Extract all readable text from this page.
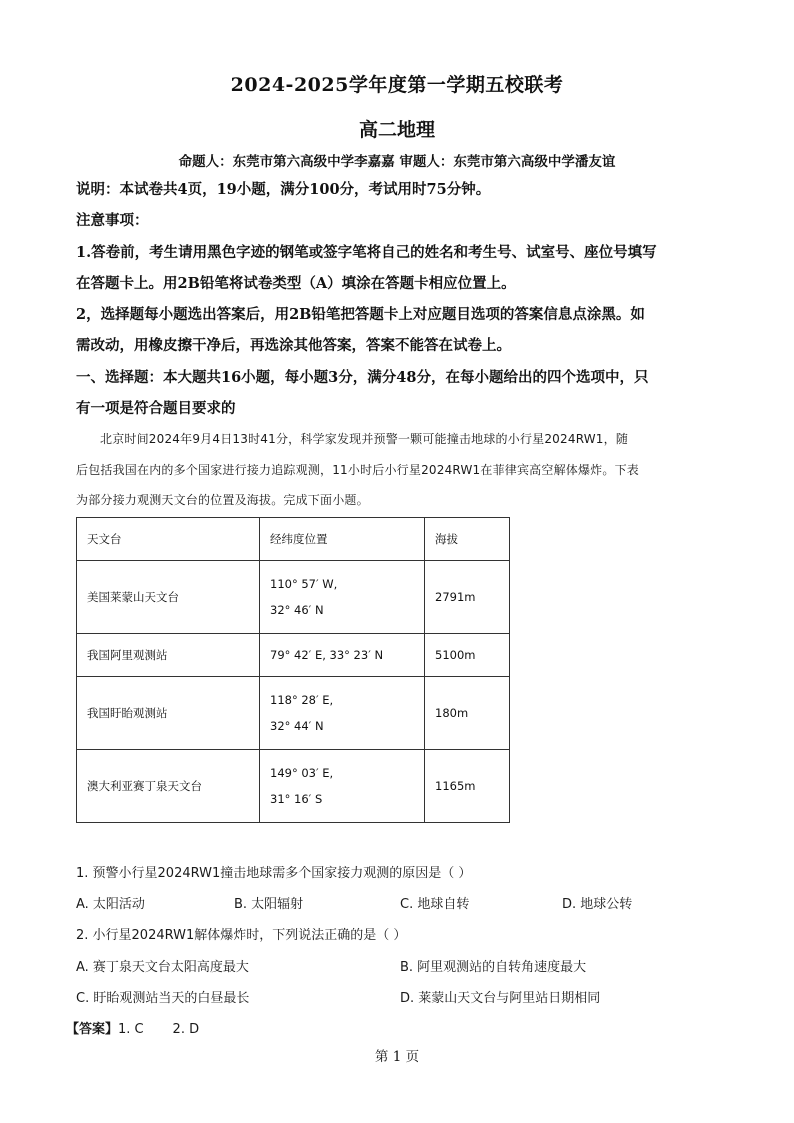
2024-2025学年度第一学期五校联考
高二地理
命题人：东莞市第六高级中学李嘉嘉 审题人：东莞市第六高级中学潘友谊
说明：本试卷共4页，19小题，满分100分，考试用时75分钟。
注意事项：
1.答卷前，考生请用黑色字迹的钢笔或签字笔将自己的姓名和考生号、试室号、座位号填写
在答题卡上。用2B铅笔将试卷类型（A）填涂在答题卡相应位置上。
2，选择题每小题选出答案后，用2B铅笔把答题卡上对应题目选项的答案信息点涂黑。如
需改动，用橡皮擦干净后，再选涂其他答案，答案不能答在试卷上。
一、选择题：本大题共16小题，每小题3分，满分48分，在每小题给出的四个选项中，只
有一项是符合题目要求的
北京时间2024年9月4日13时41分，科学家发现并预警一颗可能撞击地球的小行星2024RW1，随
后包括我国在内的多个国家进行接力追踪观测，11小时后小行星2024RW1在菲律宾高空解体爆炸。下表
为部分接力观测天文台的位置及海拔。完成下面小题。
天文台	经纬度位置	海拔
美国莱蒙山天文台	110° 57′ W,
32° 46′ N	2791m
我国阿里观测站	79° 42′ E, 33° 23′ N	5100m
我国盱眙观测站	118° 28′ E,
32° 44′ N	180m
澳大利亚赛丁泉天文台	149° 03′ E,
31° 16′ S	1165m
1. 预警小行星2024RW1撞击地球需多个国家接力观测的原因是（ ）
A. 太阳活动	B. 太阳辐射	C. 地球自转	D. 地球公转
2. 小行星2024RW1解体爆炸时，下列说法正确的是（ ）
A. 赛丁泉天文台太阳高度最大	B. 阿里观测站的自转角速度最大
C. 盱眙观测站当天的白昼最长	D. 莱蒙山天文台与阿里站日期相同
【答案】1. C       2. D
第 1 页
